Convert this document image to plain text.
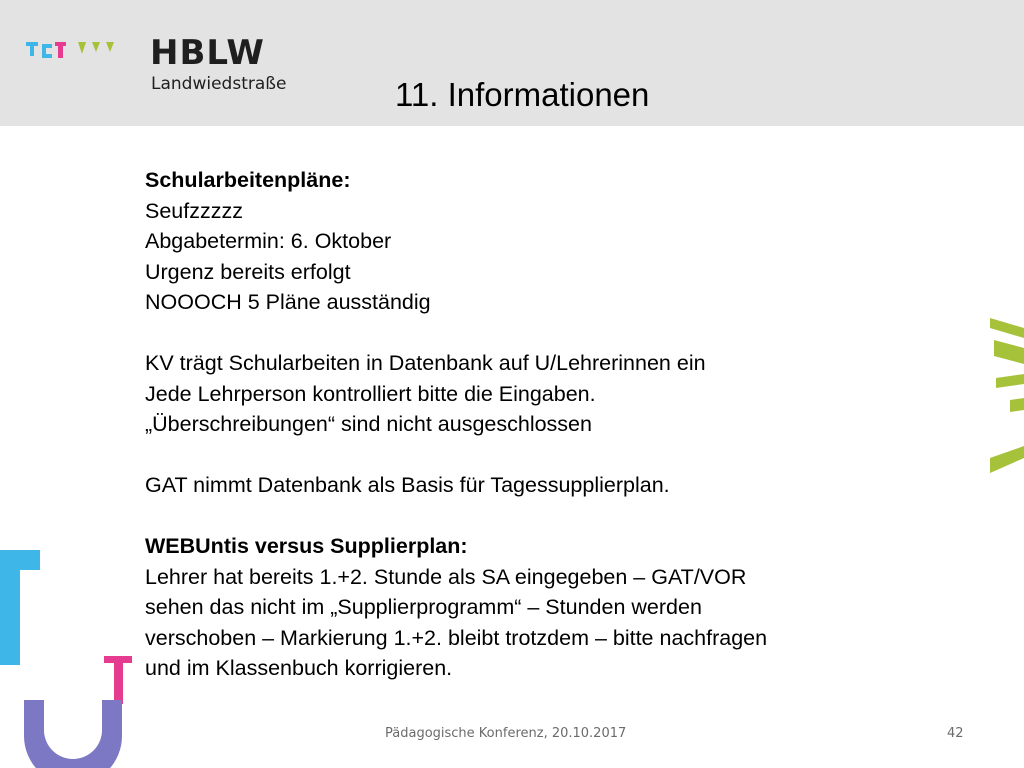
HBLW
Landwiedstraße	11. Informationen

Schularbeitenpläne:

Seufzzzzz

Abgabetermin: 6. Oktober

Urgenz bereits erfolgt

NOOOCH 5 Pläne ausständig

KV trägt Schularbeiten in Datenbank auf U/Lehrerinnen ein

Jede Lehrperson kontrolliert bitte die Eingaben.

„Überschreibungen“ sind nicht ausgeschlossen

GAT nimmt Datenbank als Basis für Tagessupplierplan.

WEBUntis versus Supplierplan:

Lehrer hat bereits 1.+2. Stunde als SA eingegeben – GAT/VOR

sehen das nicht im „Supplierprogramm“ – Stunden werden

verschoben – Markierung 1.+2. bleibt trotzdem – bitte nachfragen

und im Klassenbuch korrigieren.

Pädagogische Konferenz, 20.10.2017	42
